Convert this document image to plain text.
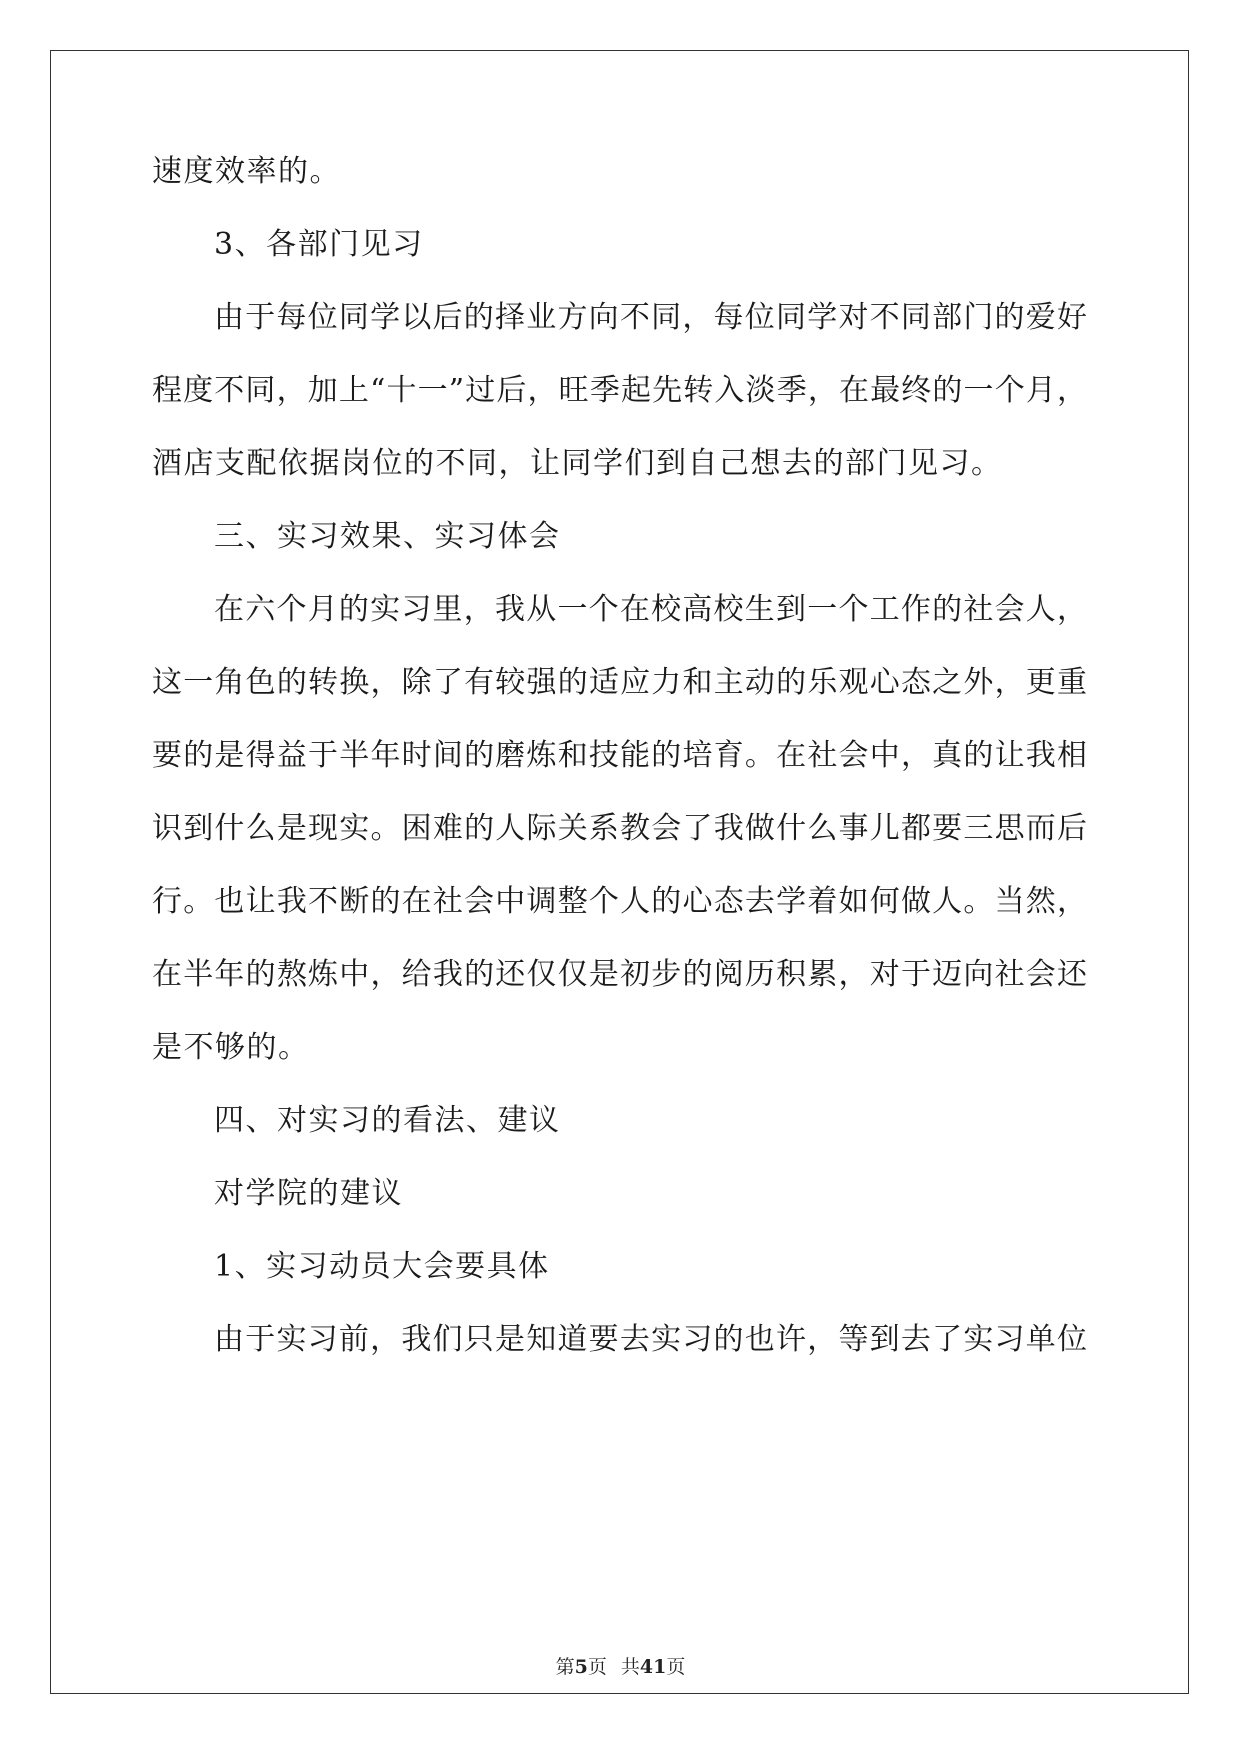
速度效率的。

3、各部门见习

由于每位同学以后的择业方向不同，每位同学对不同部门的爱好

程度不同，加上“十一”过后，旺季起先转入淡季，在最终的一个月，

酒店支配依据岗位的不同，让同学们到自己想去的部门见习。

三、实习效果、实习体会

在六个月的实习里，我从一个在校高校生到一个工作的社会人，

这一角色的转换，除了有较强的适应力和主动的乐观心态之外，更重

要的是得益于半年时间的磨炼和技能的培育。在社会中，真的让我相

识到什么是现实。困难的人际关系教会了我做什么事儿都要三思而后

行。也让我不断的在社会中调整个人的心态去学着如何做人。当然，

在半年的熬炼中，给我的还仅仅是初步的阅历积累，对于迈向社会还

是不够的。

四、对实习的看法、建议

对学院的建议

1、实习动员大会要具体

由于实习前，我们只是知道要去实习的也许，等到去了实习单位

第5页 共41页
